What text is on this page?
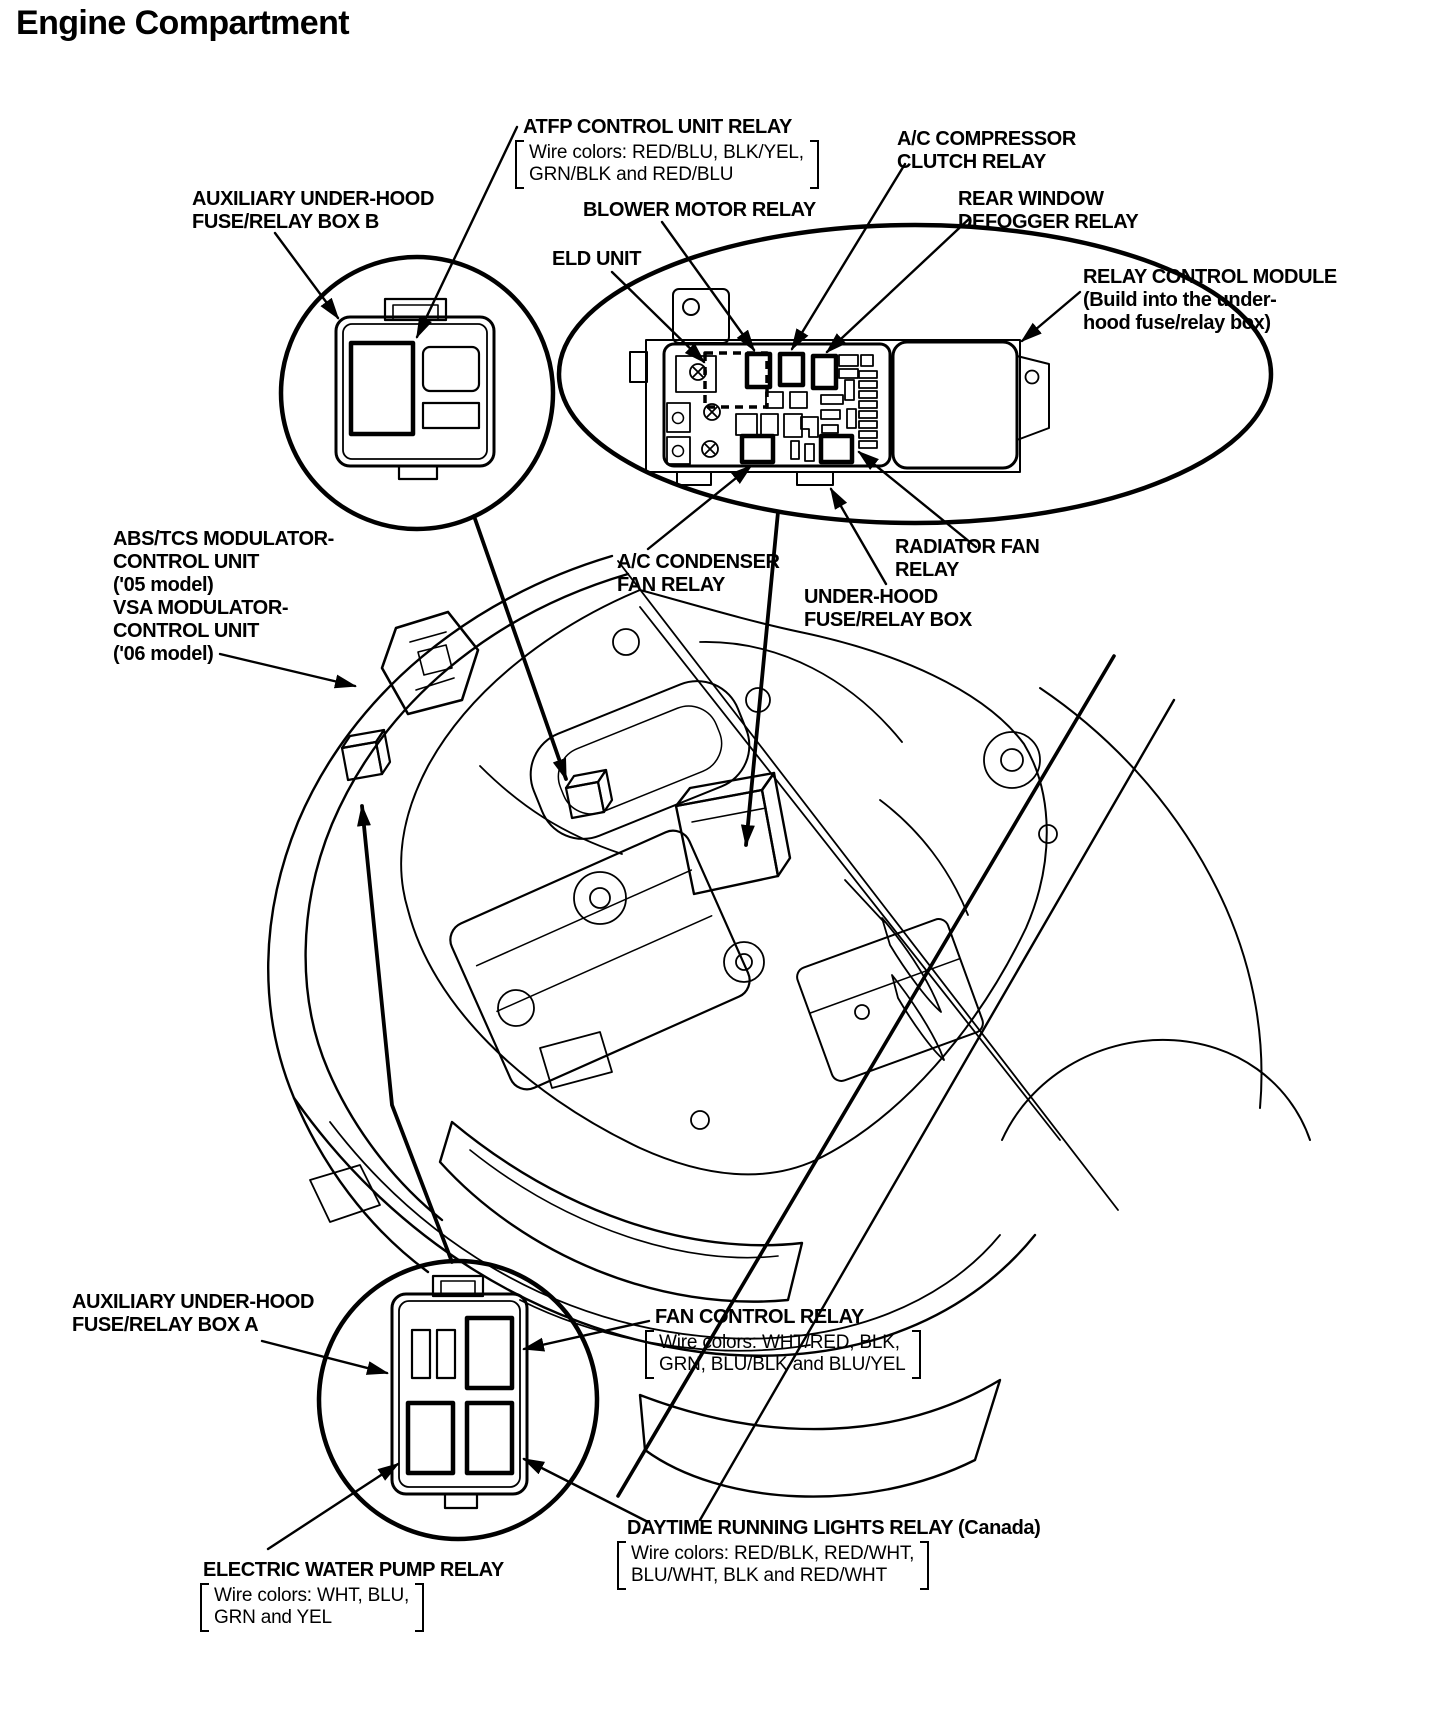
Engine Compartment
ATFP CONTROL UNIT RELAY
Wire colors: RED/BLU, BLK/YEL,
GRN/BLK and RED/BLU
A/C COMPRESSOR
CLUTCH RELAY
AUXILIARY UNDER-HOOD
FUSE/RELAY BOX B
BLOWER MOTOR RELAY	REAR WINDOW
DEFOGGER RELAY
ELD UNIT
RELAY CONTROL MODULE
(Build into the under-
hood fuse/relay box)
ABS/TCS MODULATOR-
CONTROL UNIT
('05 model)
VSA MODULATOR-
CONTROL UNIT
('06 model)
A/C CONDENSER
FAN RELAY
UNDER-HOOD
FUSE/RELAY BOX
RADIATOR FAN
RELAY
AUXILIARY UNDER-HOOD
FUSE/RELAY BOX A	FAN CONTROL RELAY
Wire colors: WHT/RED, BLK,
GRN, BLU/BLK and BLU/YEL
ELECTRIC WATER PUMP RELAY
Wire colors: WHT, BLU,
GRN and YEL
DAYTIME RUNNING LIGHTS RELAY (Canada)
Wire colors: RED/BLK, RED/WHT,
BLU/WHT, BLK and RED/WHT
